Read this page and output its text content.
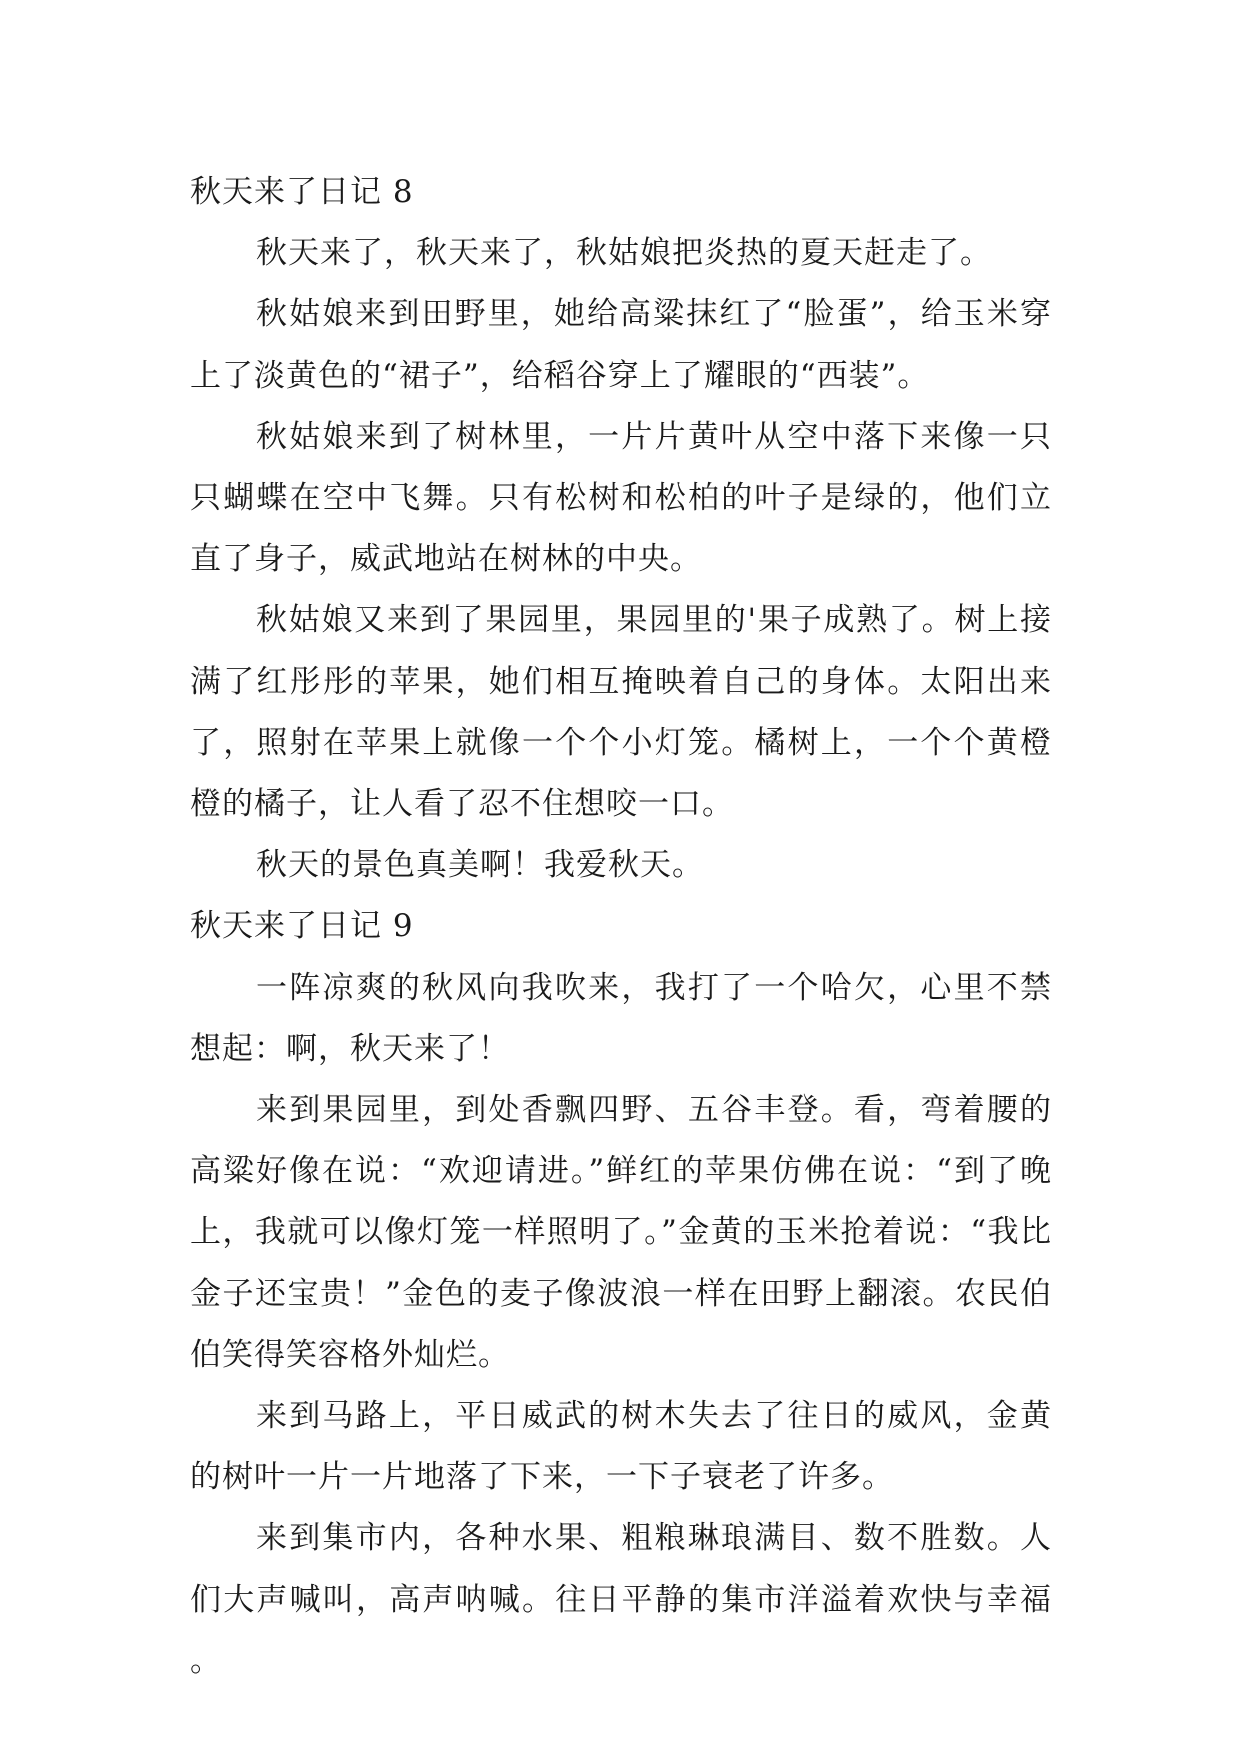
秋天来了日记 8

秋天来了，秋天来了，秋姑娘把炎热的夏天赶走了。

秋姑娘来到田野里，她给高粱抹红了“脸蛋”，给玉米穿上了淡黄色的“裙子”，给稻谷穿上了耀眼的“西装”。

秋姑娘来到了树林里，一片片黄叶从空中落下来像一只只蝴蝶在空中飞舞。只有松树和松柏的叶子是绿的，他们立直了身子，威武地站在树林的中央。

秋姑娘又来到了果园里，果园里的'果子成熟了。树上接满了红彤彤的苹果，她们相互掩映着自己的身体。太阳出来了，照射在苹果上就像一个个小灯笼。橘树上，一个个黄橙橙的橘子，让人看了忍不住想咬一口。

秋天的景色真美啊！我爱秋天。

秋天来了日记 9

一阵凉爽的秋风向我吹来，我打了一个哈欠，心里不禁想起：啊，秋天来了！

来到果园里，到处香飘四野、五谷丰登。看，弯着腰的高粱好像在说：“欢迎请进。”鲜红的苹果仿佛在说：“到了晚上，我就可以像灯笼一样照明了。”金黄的玉米抢着说：“我比金子还宝贵！”金色的麦子像波浪一样在田野上翻滚。农民伯伯笑得笑容格外灿烂。

来到马路上，平日威武的树木失去了往日的威风，金黄的树叶一片一片地落了下来，一下子衰老了许多。

来到集市内，各种水果、粗粮琳琅满目、数不胜数。人们大声喊叫，高声呐喊。往日平静的集市洋溢着欢快与幸福。
